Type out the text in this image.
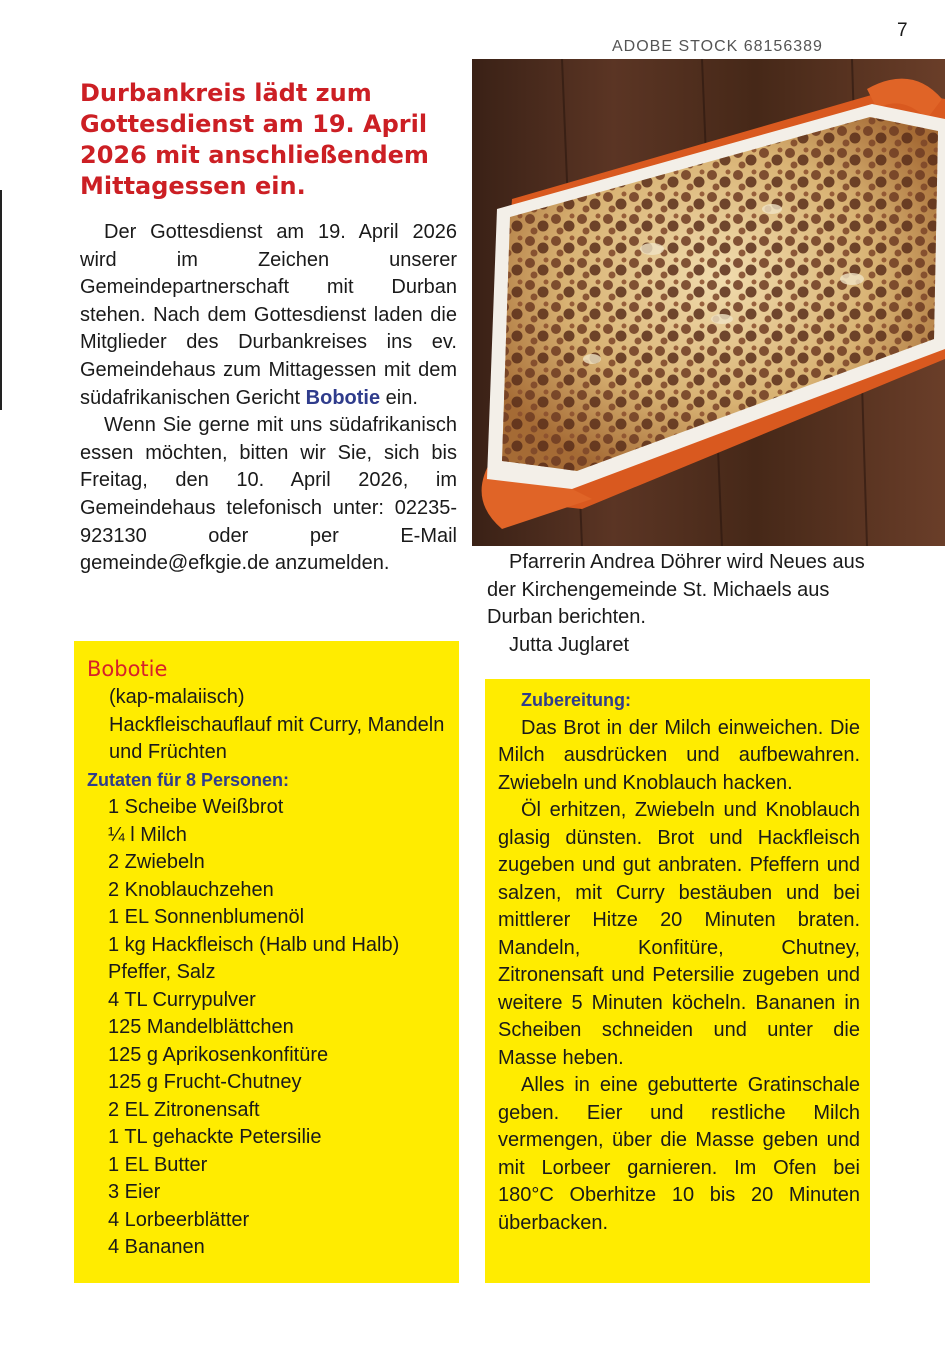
7
ADOBE STOCK 68156389
Durbankreis lädt zum Gottesdienst am 19. April 2026 mit anschließendem Mittagessen ein.

Der Gottesdienst am 19. April 2026 wird im Zeichen unserer Gemeindepartnerschaft mit Durban stehen. Nach dem Gottesdienst laden die Mitglieder des Durbankreises ins ev. Gemeindehaus zum Mittagessen mit dem südafrikanischen Gericht Bobotie ein.

Wenn Sie gerne mit uns südafrikanisch essen möchten, bitten wir Sie, sich bis Freitag, den 10. April 2026, im Gemeindehaus telefonisch unter: 02235-923130 oder per E-Mail gemeinde@efkgie.de anzumelden.	Pfarrerin Andrea Döhrer wird Neues aus der Kirchengemeinde St. Michaels aus Durban berichten.

Jutta Juglaret

Bobotie
(kap-malaiisch)
Hackfleischauflauf mit Curry, Mandeln und Früchten
Zutaten für 8 Personen:
1 Scheibe Weißbrot
¼ l Milch
2 Zwiebeln
2 Knoblauchzehen
1 EL Sonnenblumenöl
1 kg Hackfleisch (Halb und Halb)
Pfeffer, Salz
4 TL Currypulver
125 Mandelblättchen
125 g Aprikosenkonfitüre
125 g Frucht-Chutney
2 EL Zitronensaft
1 TL gehackte Petersilie
1 EL Butter
3 Eier
4 Lorbeerblätter
4 Bananen
Zubereitung:

Das Brot in der Milch einweichen. Die Milch ausdrücken und aufbewahren. Zwiebeln und Knoblauch hacken.

Öl erhitzen, Zwiebeln und Knoblauch glasig dünsten. Brot und Hackfleisch zugeben und gut anbraten. Pfeffern und salzen, mit Curry bestäuben und bei mittlerer Hitze 20 Minuten braten. Mandeln, Konfitüre, Chutney, Zitronensaft und Petersilie zugeben und weitere 5 Minuten köcheln. Bananen in Scheiben schneiden und unter die Masse heben.

Alles in eine gebutterte Gratinschale geben. Eier und restliche Milch vermengen, über die Masse geben und mit Lorbeer garnieren. Im Ofen bei 180°C Oberhitze 10 bis 20 Minuten überbacken.
